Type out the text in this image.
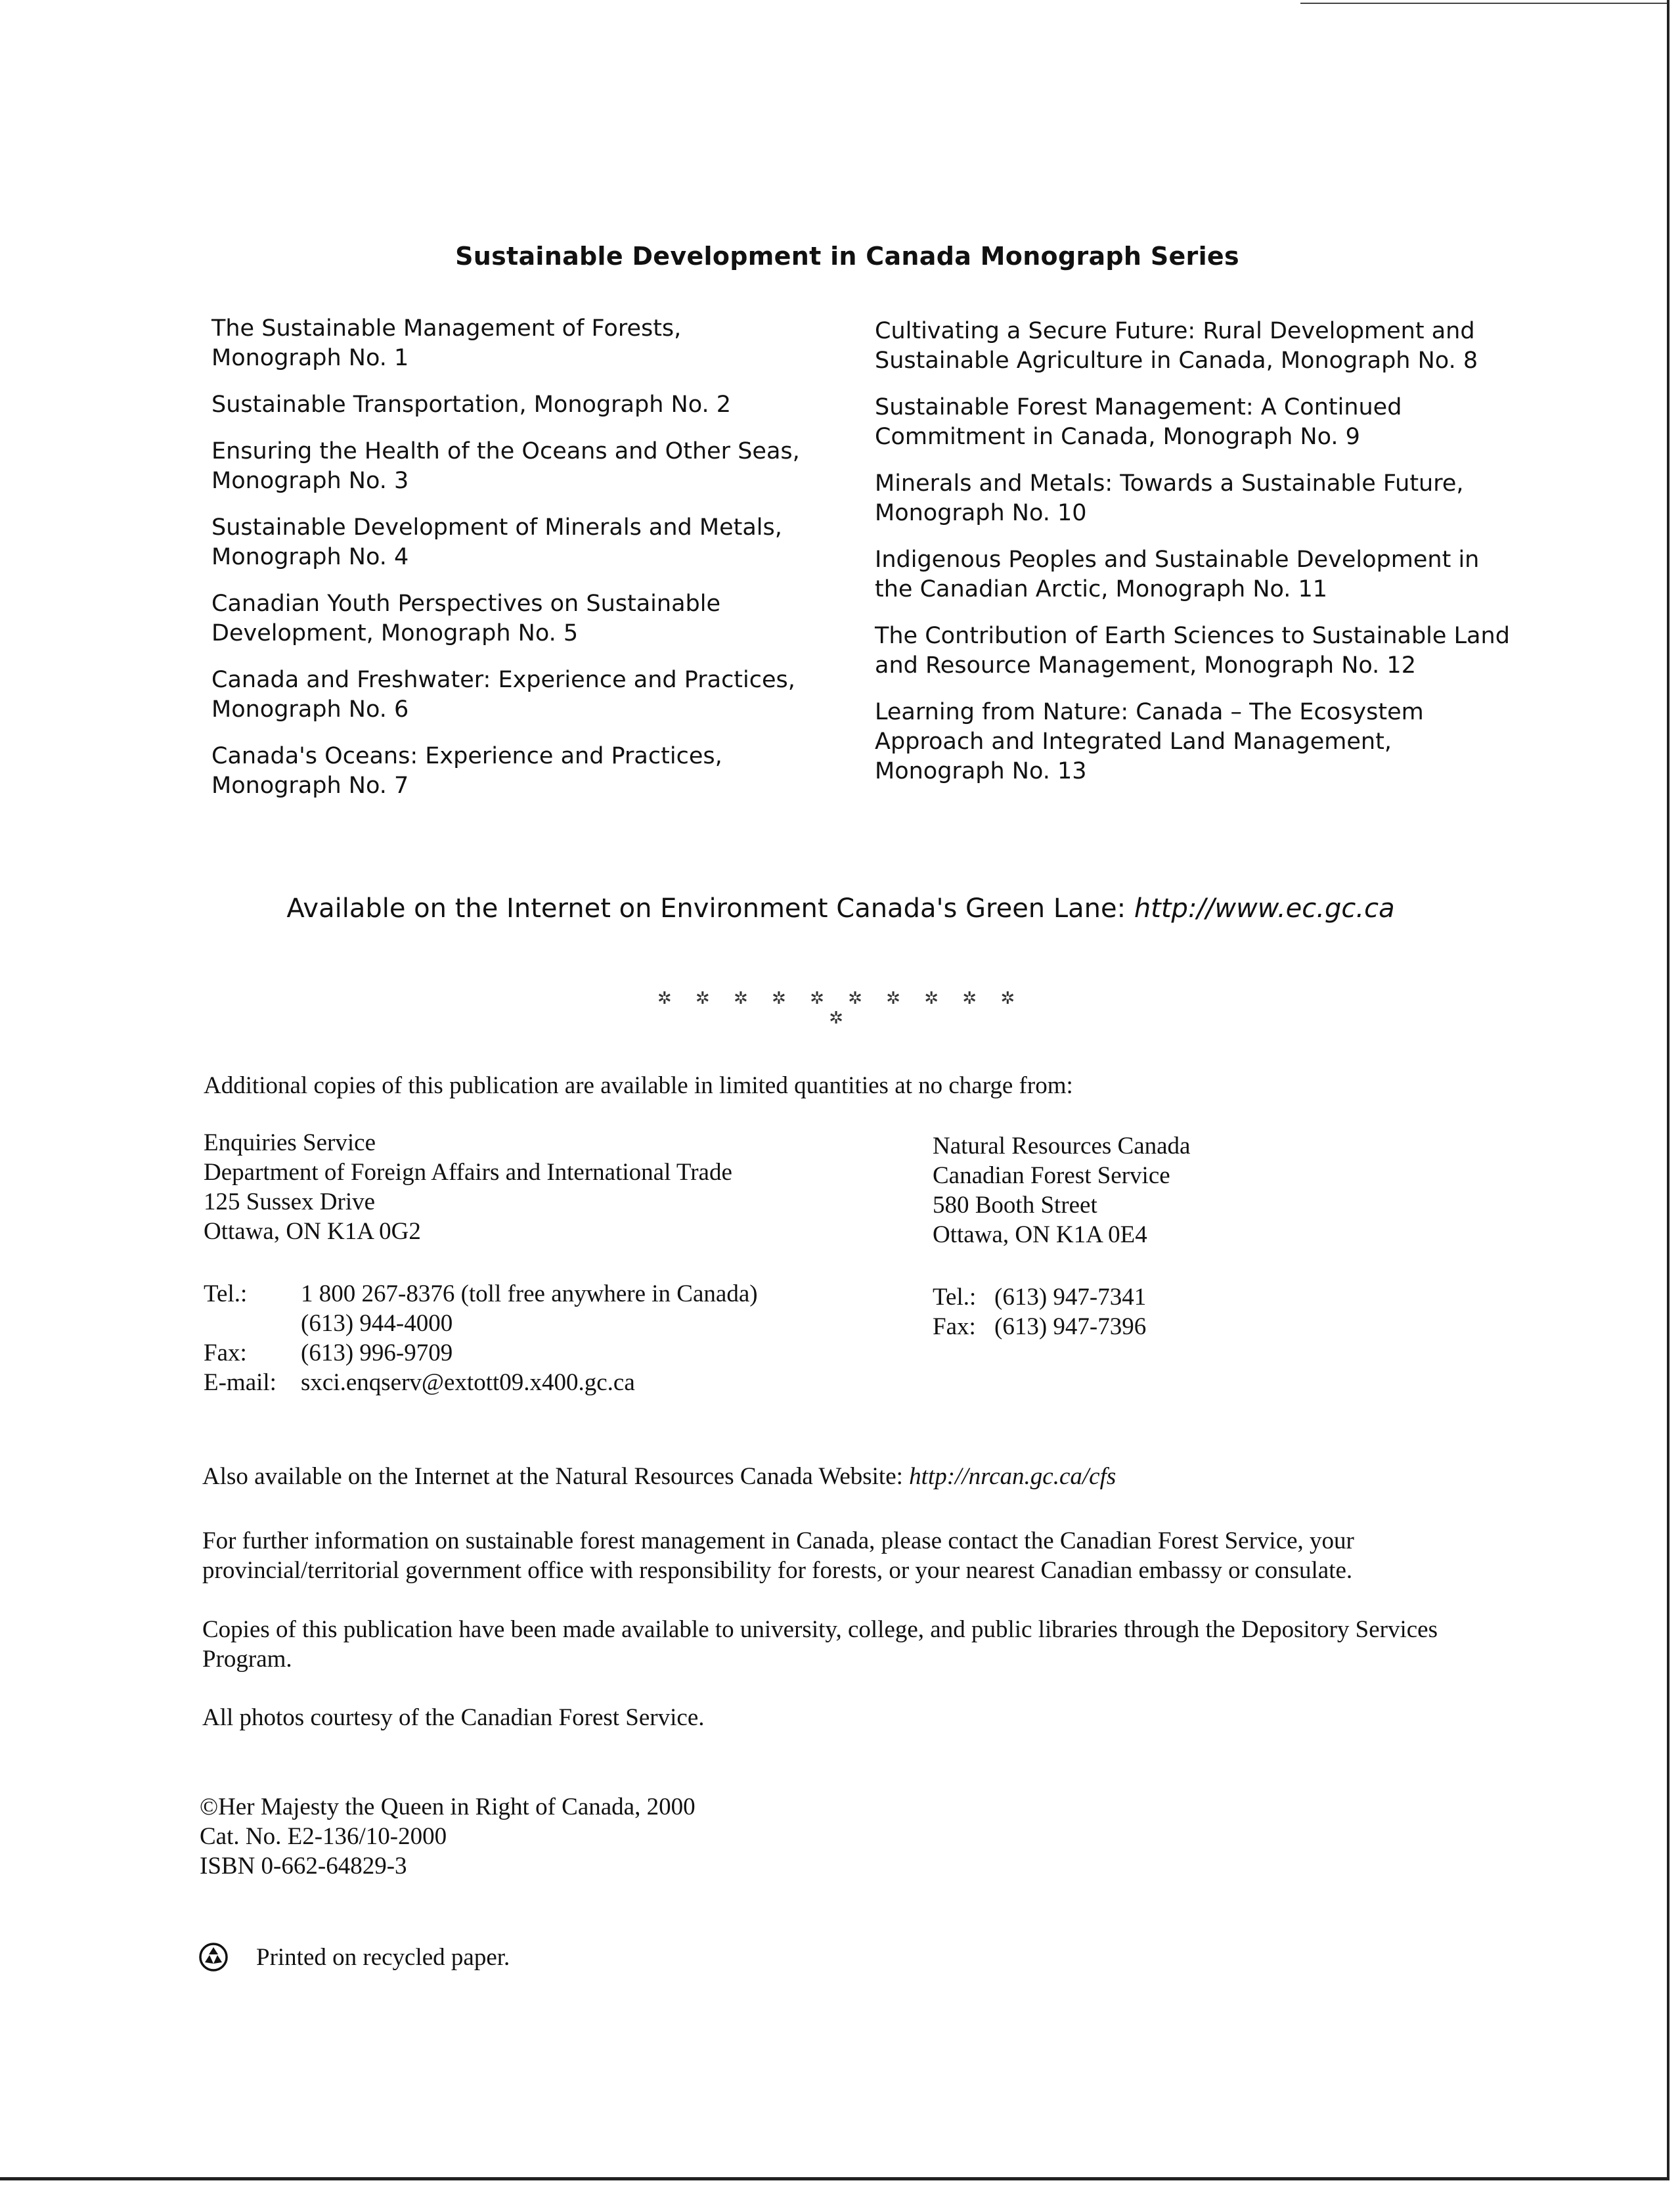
Sustainable Development in Canada Monograph Series
The Sustainable Management of Forests,
Monograph No. 1
Sustainable Transportation, Monograph No. 2
Ensuring the Health of the Oceans and Other Seas,
Monograph No. 3
Sustainable Development of Minerals and Metals,
Monograph No. 4
Canadian Youth Perspectives on Sustainable
Development, Monograph No. 5
Canada and Freshwater: Experience and Practices,
Monograph No. 6
Canada's Oceans: Experience and Practices,
Monograph No. 7
Cultivating a Secure Future: Rural Development and
Sustainable Agriculture in Canada, Monograph No. 8
Sustainable Forest Management: A Continued
Commitment in Canada, Monograph No. 9
Minerals and Metals: Towards a Sustainable Future,
Monograph No. 10
Indigenous Peoples and Sustainable Development in
the Canadian Arctic, Monograph No. 11
The Contribution of Earth Sciences to Sustainable Land
and Resource Management, Monograph No. 12
Learning from Nature: Canada – The Ecosystem
Approach and Integrated Land Management,
Monograph No. 13

Available on the Internet on Environment Canada's Green Lane: http://www.ec.gc.ca

✲ ✲ ✲ ✲ ✲ ✲ ✲ ✲ ✲ ✲ ✲

Additional copies of this publication are available in limited quantities at no charge from:

Enquiries Service
Department of Foreign Affairs and International Trade
125 Sussex Drive
Ottawa, ON K1A 0G2

Natural Resources Canada
Canadian Forest Service
580 Booth Street
Ottawa, ON K1A 0E4

Tel.:	1 800 267-8376 (toll free anywhere in Canada)
	(613) 944-4000
Fax:	(613) 996-9709
E-mail:	sxci.enqserv@extott09.x400.gc.ca
Tel.:	(613) 947-7341
Fax:	(613) 947-7396

Also available on the Internet at the Natural Resources Canada Website: http://nrcan.gc.ca/cfs

For further information on sustainable forest management in Canada, please contact the Canadian Forest Service, your provincial/territorial government office with responsibility for forests, or your nearest Canadian embassy or consulate.

Copies of this publication have been made available to university, college, and public libraries through the Depository Services Program.

All photos courtesy of the Canadian Forest Service.

©Her Majesty the Queen in Right of Canada, 2000
Cat. No. E2-136/10-2000
ISBN 0-662-64829-3

Printed on recycled paper.
